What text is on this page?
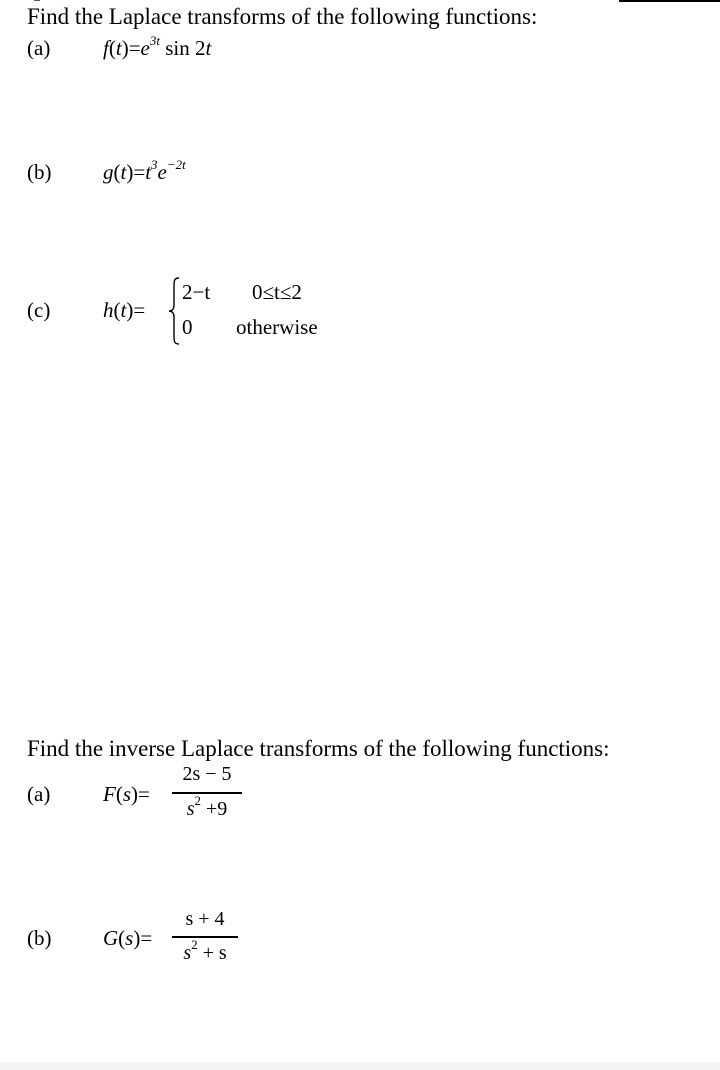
Find the Laplace transforms of the following functions:
(a)	$f(t)=e^{3t}$ sin 2t
(b) $g(t)=t^3e^{-2t}$
(c)	h(t)=
2−t 0≤t≤2
0 otherwise
Find the inverse Laplace transforms of the following functions:
(a)	F(s)=
2s − 5
$s^2 +9$
(b) G(s)=
s + 4
$s^2 + s$
